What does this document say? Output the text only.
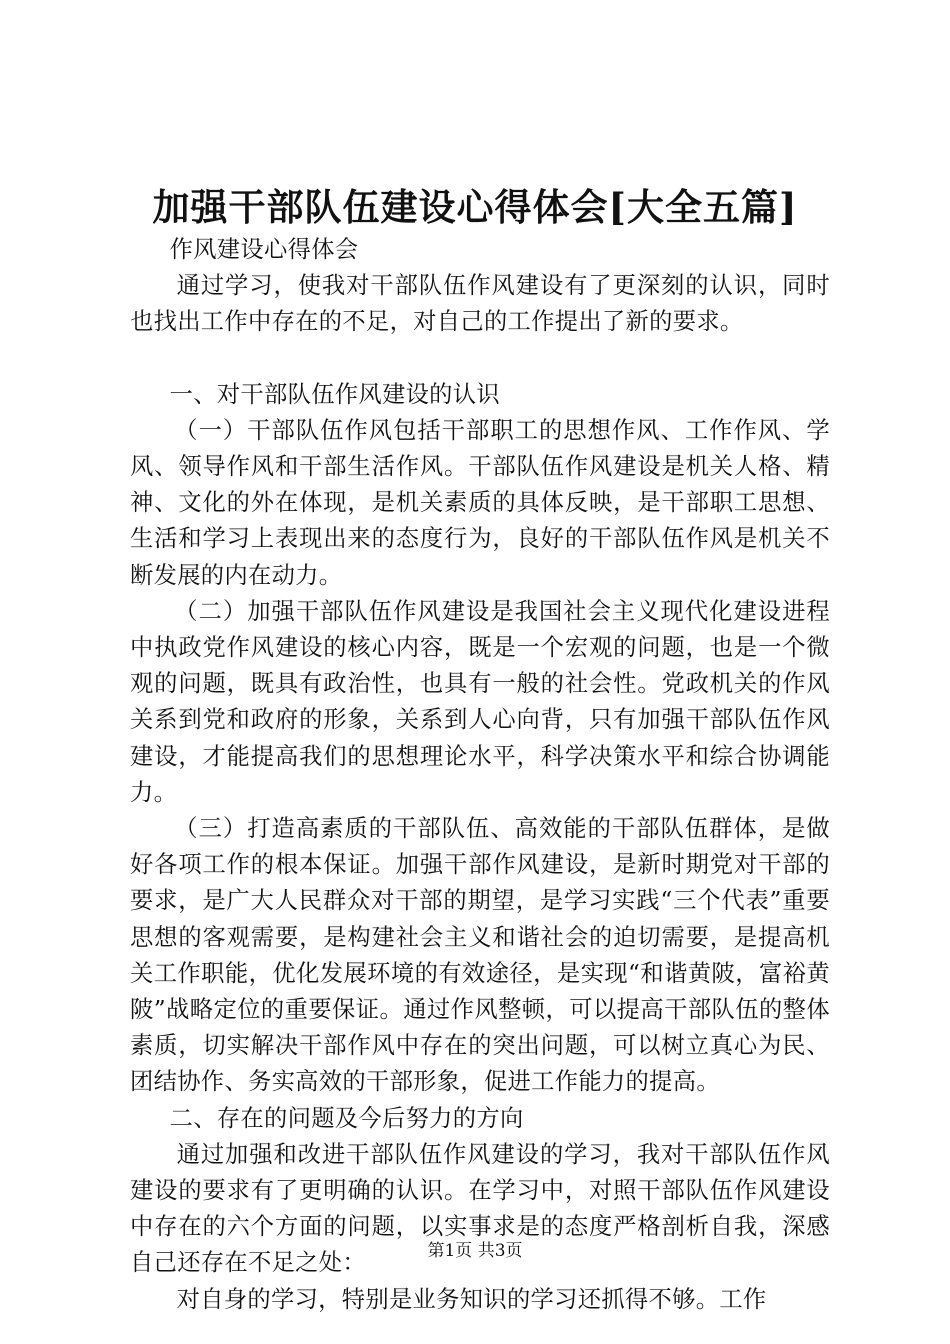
加强干部队伍建设心得体会[大全五篇]

作风建设心得体会

通过学习，使我对干部队伍作风建设有了更深刻的认识，同时也找出工作中存在的不足，对自己的工作提出了新的要求。

一、对干部队伍作风建设的认识

（一）干部队伍作风包括干部职工的思想作风、工作作风、学风、领导作风和干部生活作风。干部队伍作风建设是机关人格、精神、文化的外在体现，是机关素质的具体反映，是干部职工思想、生活和学习上表现出来的态度行为，良好的干部队伍作风是机关不断发展的内在动力。

（二）加强干部队伍作风建设是我国社会主义现代化建设进程中执政党作风建设的核心内容，既是一个宏观的问题，也是一个微观的问题，既具有政治性，也具有一般的社会性。党政机关的作风关系到党和政府的形象，关系到人心向背，只有加强干部队伍作风建设，才能提高我们的思想理论水平，科学决策水平和综合协调能力。

（三）打造高素质的干部队伍、高效能的干部队伍群体，是做好各项工作的根本保证。加强干部作风建设，是新时期党对干部的要求，是广大人民群众对干部的期望，是学习实践“三个代表”重要思想的客观需要，是构建社会主义和谐社会的迫切需要，是提高机关工作职能，优化发展环境的有效途径，是实现“和谐黄陂，富裕黄陂”战略定位的重要保证。通过作风整顿，可以提高干部队伍的整体素质，切实解决干部作风中存在的突出问题，可以树立真心为民、团结协作、务实高效的干部形象，促进工作能力的提高。

二、存在的问题及今后努力的方向

通过加强和改进干部队伍作风建设的学习，我对干部队伍作风建设的要求有了更明确的认识。在学习中，对照干部队伍作风建设中存在的六个方面的问题，以实事求是的态度严格剖析自我，深感自己还存在不足之处：

对自身的学习，特别是业务知识的学习还抓得不够。工作

第1页 共3页
